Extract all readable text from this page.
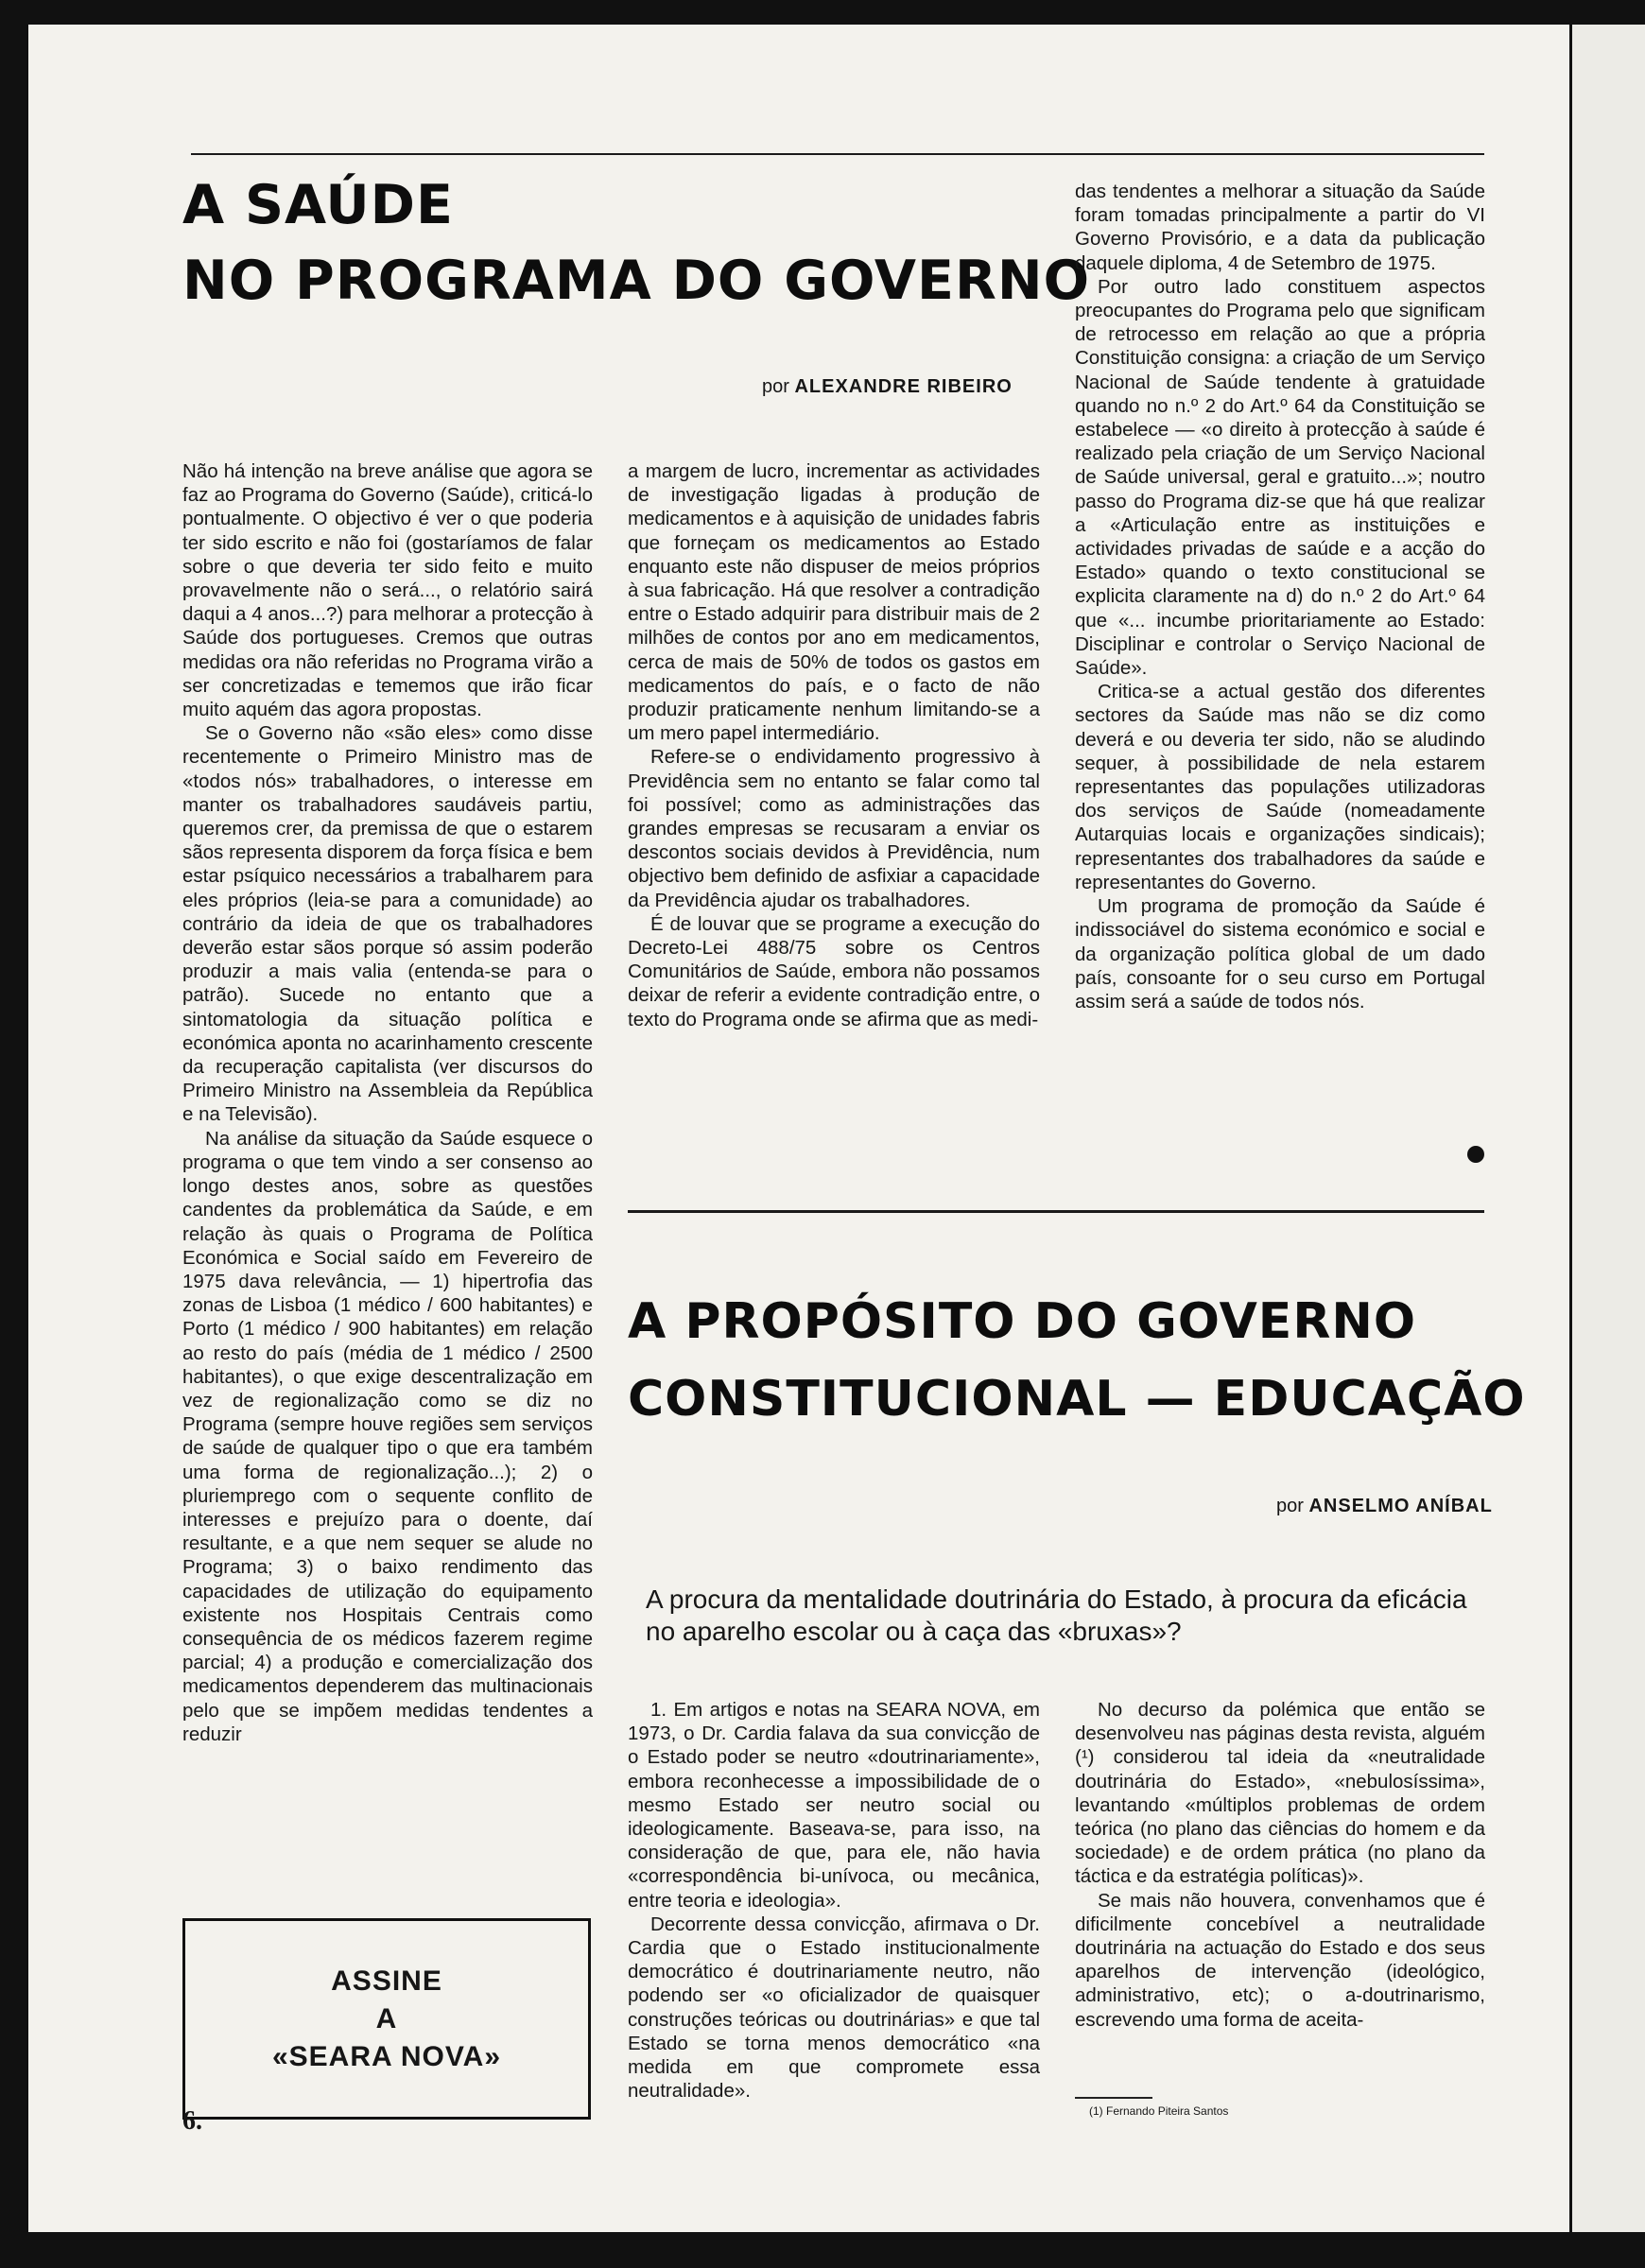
A SAÚDE
NO PROGRAMA DO GOVERNO
por ALEXANDRE RIBEIRO

Não há intenção na breve análise que agora se faz ao Programa do Governo (Saúde), criticá-lo pontualmente. O objectivo é ver o que poderia ter sido escrito e não foi (gostaríamos de falar sobre o que deveria ter sido feito e muito provavelmente não o será..., o relatório sairá daqui a 4 anos...?) para melhorar a protecção à Saúde dos portugueses. Cremos que outras medidas ora não referidas no Programa virão a ser concretizadas e tememos que irão ficar muito aquém das agora propostas.

Se o Governo não «são eles» como disse recentemente o Primeiro Ministro mas de «todos nós» trabalhadores, o interesse em manter os trabalhadores saudáveis partiu, queremos crer, da premissa de que o estarem sãos representa disporem da força física e bem estar psíquico necessários a trabalharem para eles próprios (leia-se para a comunidade) ao contrário da ideia de que os trabalhadores deverão estar sãos porque só assim poderão produzir a mais valia (entenda-se para o patrão). Sucede no entanto que a sintomatologia da situação política e económica aponta no acarinhamento crescente da recuperação capitalista (ver discursos do Primeiro Ministro na Assembleia da República e na Televisão).

Na análise da situação da Saúde esquece o programa o que tem vindo a ser consenso ao longo destes anos, sobre as questões candentes da problemática da Saúde, e em relação às quais o Programa de Política Económica e Social saído em Fevereiro de 1975 dava relevância, — 1) hipertrofia das zonas de Lisboa (1 médico / 600 habitantes) e Porto (1 médico / 900 habitantes) em relação ao resto do país (média de 1 médico / 2500 habitantes), o que exige descentralização em vez de regionalização como se diz no Programa (sempre houve regiões sem serviços de saúde de qualquer tipo o que era também uma forma de regionalização...); 2) o pluriemprego com o sequente conflito de interesses e prejuízo para o doente, daí resultante, e a que nem sequer se alude no Programa; 3) o baixo rendimento das capacidades de utilização do equipamento existente nos Hospitais Centrais como consequência de os médicos fazerem regime parcial; 4) a produção e comercialização dos medicamentos dependerem das multinacionais pelo que se impõem medidas tendentes a reduzir

a margem de lucro, incrementar as actividades de investigação ligadas à produção de medicamentos e à aquisição de unidades fabris que forneçam os medicamentos ao Estado enquanto este não dispuser de meios próprios à sua fabricação. Há que resolver a contradição entre o Estado adquirir para distribuir mais de 2 milhões de contos por ano em medicamentos, cerca de mais de 50% de todos os gastos em medicamentos do país, e o facto de não produzir praticamente nenhum limitando-se a um mero papel intermediário.

Refere-se o endividamento progressivo à Previdência sem no entanto se falar como tal foi possível; como as administrações das grandes empresas se recusaram a enviar os descontos sociais devidos à Previdência, num objectivo bem definido de asfixiar a capacidade da Previdência ajudar os trabalhadores.

É de louvar que se programe a execução do Decreto-Lei 488/75 sobre os Centros Comunitários de Saúde, embora não possamos deixar de referir a evidente contradição entre, o texto do Programa onde se afirma que as medi-

das tendentes a melhorar a situação da Saúde foram tomadas principalmente a partir do VI Governo Provisório, e a data da publicação daquele diploma, 4 de Setembro de 1975.

Por outro lado constituem aspectos preocupantes do Programa pelo que significam de retrocesso em relação ao que a própria Constituição consigna: a criação de um Serviço Nacional de Saúde tendente à gratuidade quando no n.º 2 do Art.º 64 da Constituição se estabelece — «o direito à protecção à saúde é realizado pela criação de um Serviço Nacional de Saúde universal, geral e gratuito...»; noutro passo do Programa diz-se que há que realizar a «Articulação entre as instituições e actividades privadas de saúde e a acção do Estado» quando o texto constitucional se explicita claramente na d) do n.º 2 do Art.º 64 que «... incumbe prioritariamente ao Estado: Disciplinar e controlar o Serviço Nacional de Saúde».

Critica-se a actual gestão dos diferentes sectores da Saúde mas não se diz como deverá e ou deveria ter sido, não se aludindo sequer, à possibilidade de nela estarem representantes das populações utilizadoras dos serviços de Saúde (nomeadamente Autarquias locais e organizações sindicais); representantes dos trabalhadores da saúde e representantes do Governo.

Um programa de promoção da Saúde é indissociável do sistema económico e social e da organização política global de um dado país, consoante for o seu curso em Portugal assim será a saúde de todos nós.

A PROPÓSITO DO GOVERNO
CONSTITUCIONAL — EDUCAÇÃO
por ANSELMO ANÍBAL
A procura da mentalidade doutrinária do Estado, à procura da eficácia no aparelho escolar ou à caça das «bruxas»?

1. Em artigos e notas na SEARA NOVA, em 1973, o Dr. Cardia falava da sua convicção de o Estado poder se neutro «doutrinariamente», embora reconhecesse a impossibilidade de o mesmo Estado ser neutro social ou ideologicamente. Baseava-se, para isso, na consideração de que, para ele, não havia «correspondência bi-unívoca, ou mecânica, entre teoria e ideologia».

Decorrente dessa convicção, afirmava o Dr. Cardia que o Estado institucionalmente democrático é doutrinariamente neutro, não podendo ser «o oficializador de quaisquer construções teóricas ou doutrinárias» e que tal Estado se torna menos democrático «na medida em que compromete essa neutralidade».

No decurso da polémica que então se desenvolveu nas páginas desta revista, alguém (¹) considerou tal ideia da «neutralidade doutrinária do Estado», «nebulosíssima», levantando «múltiplos problemas de ordem teórica (no plano das ciências do homem e da sociedade) e de ordem prática (no plano da táctica e da estratégia políticas)».

Se mais não houvera, convenhamos que é dificilmente concebível a neutralidade doutrinária na actuação do Estado e dos seus aparelhos de intervenção (ideológico, administrativo, etc); o a-doutrinarismo, escrevendo uma forma de aceita-

(1) Fernando Piteira Santos
ASSINE
A
«SEARA NOVA»
6.
